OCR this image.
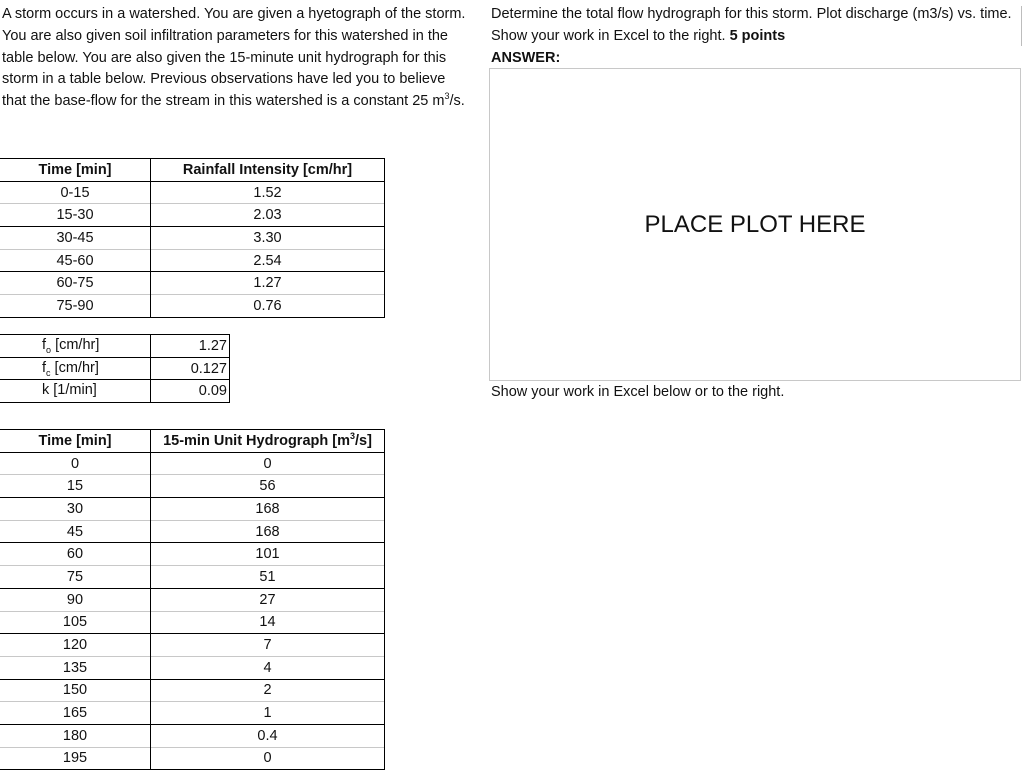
A storm occurs in a watershed. You are given a hyetograph of the storm. You are also given soil infiltration parameters for this watershed in the table below. You are also given the 15-minute unit hydrograph for this storm in a table below. Previous observations have led you to believe that the base-flow for the stream in this watershed is a constant 25 $m^3/s$.
Determine the total flow hydrograph for this storm. Plot discharge (m3/s) vs. time. Show your work in Excel to the right. 5 points
ANSWER:
PLACE PLOT HERE
Show your work in Excel below or to the right.
Time [min]	Rainfall Intensity [cm/hr]
0-15	1.52
15-30	2.03
30-45	3.30
45-60	2.54
60-75	1.27
75-90	0.76
$f_o$ [cm/hr]	1.27
$f_c$ [cm/hr]	0.127
k [1/min]	0.09
Time [min]	15-min Unit Hydrograph $[m^3/s]$
0	0
15	56
30	168
45	168
60	101
75	51
90	27
105	14
120	7
135	4
150	2
165	1
180	0.4
195	0
